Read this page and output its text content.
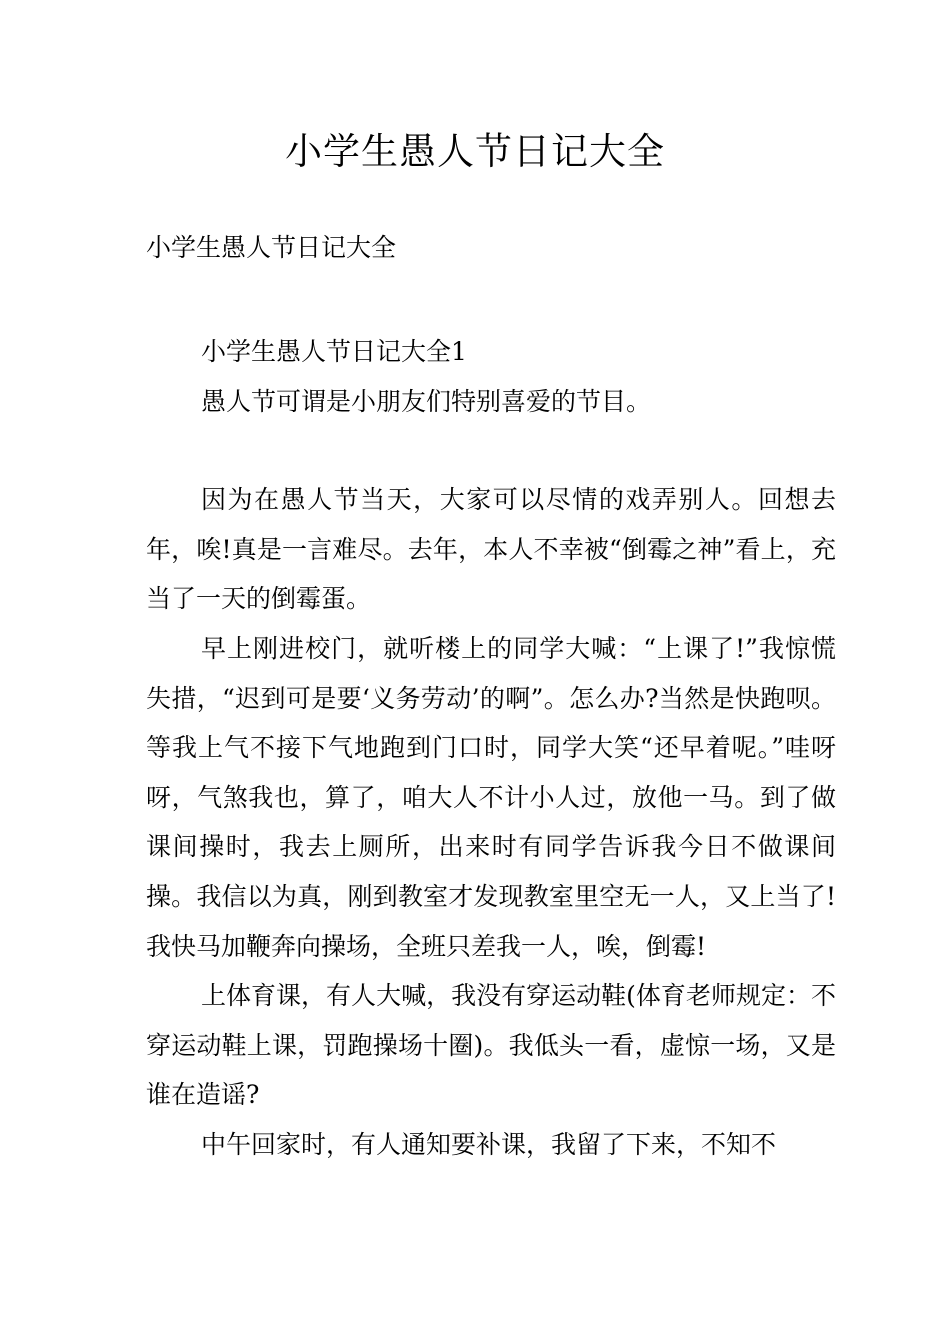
小学生愚人节日记大全
小学生愚人节日记大全

小学生愚人节日记大全1

愚人节可谓是小朋友们特别喜爱的节目。

因为在愚人节当天，大家可以尽情的戏弄别人。回想去年，唉!真是一言难尽。去年，本人不幸被“倒霉之神”看上，充当了一天的倒霉蛋。

早上刚进校门，就听楼上的同学大喊：“上课了!”我惊慌失措，“迟到可是要‘义务劳动’的啊”。怎么办?当然是快跑呗。等我上气不接下气地跑到门口时，同学大笑“还早着呢。”哇呀呀，气煞我也，算了，咱大人不计小人过，放他一马。到了做课间操时，我去上厕所，出来时有同学告诉我今日不做课间操。我信以为真，刚到教室才发现教室里空无一人，又上当了!我快马加鞭奔向操场，全班只差我一人，唉，倒霉!

上体育课，有人大喊，我没有穿运动鞋(体育老师规定：不穿运动鞋上课，罚跑操场十圈)。我低头一看，虚惊一场，又是谁在造谣?

中午回家时，有人通知要补课，我留了下来，不知不
